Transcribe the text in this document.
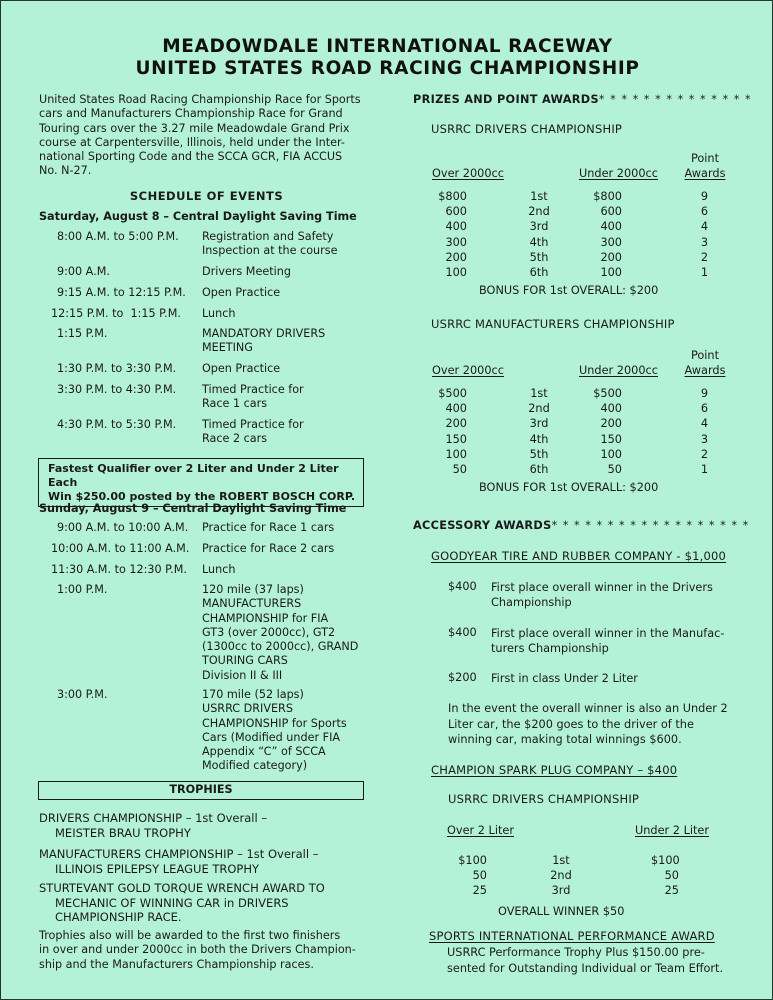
MEADOWDALE INTERNATIONAL RACEWAY
UNITED STATES ROAD RACING CHAMPIONSHIP
United States Road Racing Championship Race for Sports
cars and Manufacturers Championship Race for Grand
Touring cars over the 3.27 mile Meadowdale Grand Prix
course at Carpentersville, Illinois, held under the Inter-
national Sporting Code and the SCCA GCR, FIA ACCUS
No. N-27.
SCHEDULE OF EVENTS
Saturday, August 8 – Central Daylight Saving Time
8:00 A.M. to 5:00 P.M. Registration and Safety
Inspection at the course
9:00 A.M.	Drivers Meeting
9:15 A.M. to 12:15 P.M. Open Practice
12:15 P.M. to  1:15 P.M. Lunch
1:15 P.M.	MANDATORY DRIVERS
MEETING
1:30 P.M. to 3:30 P.M. Open Practice
3:30 P.M. to 4:30 P.M. Timed Practice for
Race 1 cars
4:30 P.M. to 5:30 P.M. Timed Practice for
Race 2 cars
Fastest Qualifier over 2 Liter and Under 2 Liter Each
Win $250.00 posted by the ROBERT BOSCH CORP.
Sunday, August 9 – Central Daylight Saving Time
9:00 A.M. to 10:00 A.M. Practice for Race 1 cars
10:00 A.M. to 11:00 A.M. Practice for Race 2 cars
11:30 A.M. to 12:30 P.M. Lunch
1:00 P.M.	120 mile (37 laps)
MANUFACTURERS
CHAMPIONSHIP for FIA
GT3 (over 2000cc), GT2
(1300cc to 2000cc), GRAND
TOURING CARS
Division II & III
3:00 P.M.	170 mile (52 laps)
USRRC DRIVERS
CHAMPIONSHIP for Sports
Cars (Modified under FIA
Appendix “C” of SCCA
Modified category)
TROPHIES
DRIVERS CHAMPIONSHIP – 1st Overall –
MEISTER BRAU TROPHY
MANUFACTURERS CHAMPIONSHIP – 1st Overall –
ILLINOIS EPILEPSY LEAGUE TROPHY
STURTEVANT GOLD TORQUE WRENCH AWARD TO
MECHANIC OF WINNING CAR in DRIVERS
CHAMPIONSHIP RACE.
Trophies also will be awarded to the first two finishers
in over and under 2000cc in both the Drivers Champion-
ship and the Manufacturers Championship races.
PRIZES AND POINT AWARDS* * * * * * * * * * * * * *
USRRC DRIVERS CHAMPIONSHIP
Over 2000cc	Under 2000cc
Point
Awards
$800	1st	$800	9
600	2nd	600	6
400	3rd	400	4
300	4th	300	3
200	5th	200	2
100	6th	100	1
BONUS FOR 1st OVERALL: $200
USRRC MANUFACTURERS CHAMPIONSHIP
Over 2000cc	Under 2000cc
Point
Awards
$500	1st	$500	9
400	2nd	400	6
200	3rd	200	4
150	4th	150	3
100	5th	100	2
50	6th	50	1
BONUS FOR 1st OVERALL: $200
ACCESSORY AWARDS* * * * * * * * * * * * * * * * * *
GOODYEAR TIRE AND RUBBER COMPANY - $1,000
$400 First place overall winner in the Drivers
Championship
$400 First place overall winner in the Manufac-
turers Championship
$200 First in class Under 2 Liter
In the event the overall winner is also an Under 2
Liter car, the $200 goes to the driver of the
winning car, making total winnings $600.
CHAMPION SPARK PLUG COMPANY – $400
USRRC DRIVERS CHAMPIONSHIP
Over 2 Liter	Under 2 Liter
$100	1st	$100
50	2nd	50
25	3rd	25
OVERALL WINNER $50
SPORTS INTERNATIONAL PERFORMANCE AWARD
USRRC Performance Trophy Plus $150.00 pre-
sented for Outstanding Individual or Team Effort.
